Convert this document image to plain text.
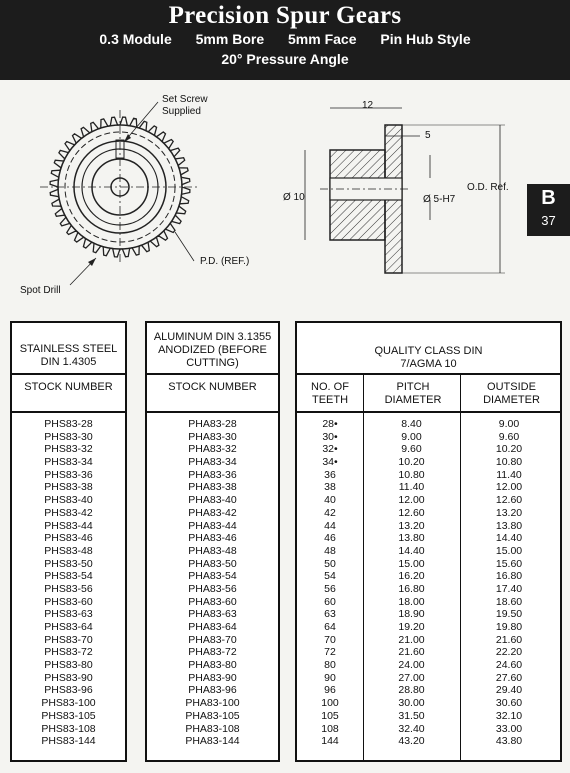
Precision Spur Gears
0.3 Module 5mm Bore 5mm Face Pin Hub Style
20° Pressure Angle
B
37
Set Screw
Supplied
P.D. (REF.)
Spot Drill
12
5
Ø 10	Ø 5-H7
O.D. Ref.
STAINLESS STEEL DIN 1.4305
STOCK NUMBER
PHS83-28
PHS83-30
PHS83-32
PHS83-34
PHS83-36
PHS83-38
PHS83-40
PHS83-42
PHS83-44
PHS83-46
PHS83-48
PHS83-50
PHS83-54
PHS83-56
PHS83-60
PHS83-63
PHS83-64
PHS83-70
PHS83-72
PHS83-80
PHS83-90
PHS83-96
PHS83-100
PHS83-105
PHS83-108
PHS83-144
ALUMINUM DIN 3.1355 ANODIZED (BEFORE CUTTING)
STOCK NUMBER
PHA83-28
PHA83-30
PHA83-32
PHA83-34
PHA83-36
PHA83-38
PHA83-40
PHA83-42
PHA83-44
PHA83-46
PHA83-48
PHA83-50
PHA83-54
PHA83-56
PHA83-60
PHA83-63
PHA83-64
PHA83-70
PHA83-72
PHA83-80
PHA83-90
PHA83-96
PHA83-100
PHA83-105
PHA83-108
PHA83-144
QUALITY CLASS DIN 7/AGMA 10
NO. OF TEETH
PITCH DIAMETER
OUTSIDE DIAMETER
28•	8.40	9.00
30•	9.00	9.60
32•	9.60	10.20
34•	10.20	10.80
36	10.80	11.40
38	11.40	12.00
40	12.00	12.60
42	12.60	13.20
44	13.20	13.80
46	13.80	14.40
48	14.40	15.00
50	15.00	15.60
54	16.20	16.80
56	16.80	17.40
60	18.00	18.60
63	18.90	19.50
64	19.20	19.80
70	21.00	21.60
72	21.60	22.20
80	24.00	24.60
90	27.00	27.60
96	28.80	29.40
100	30.00	30.60
105	31.50	32.10
108	32.40	33.00
144	43.20	43.80
